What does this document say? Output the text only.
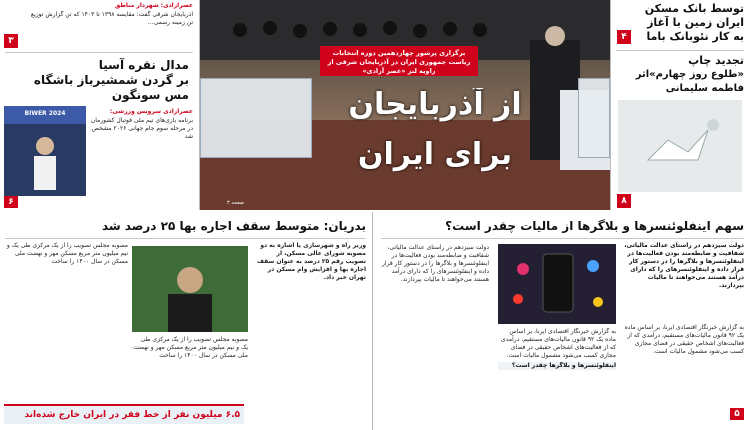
توسط بانک مسکن
ایران زمین با آغاز
به کار نئوبانک باما
۴
تجدید چاپ
«طلوع روز چهارم»اثر
فاطمه سلیمانی
۸
عصرآزادی: شهردار مناطق
آذربایجان شرقی گفت: مقایسه ۱۳۹۸ تا ۱۴۰۳ که تن گزارش توزیع تن زمینه رسمی...
۳
مدال نقره آسیا
بر گردن شمشیرباز باشگاه
مس سونگون
BIWER 2024	عصرآزادی سرویس ورزشی:
برنامه بازی‌های تیم ملی فوتبال کشورمان در مرحله سوم جام جهانی ۲۰۲۶ مشخص شد
۶
برگزاری پرشور چهاردهمین دوره انتخابات
ریاست جمهوری ایران در آذربایجان شرقی از زاویه لنز «عصر آزادی»
از آذربایجان
برای ایران
صفحه ۳
سهم اینفلوئنسرها و بلاگرها از مالیات چقدر است؟
دولت سیزدهم در راستای عدالت مالیاتی، شفافیت و ضابطه‌مند بودن فعالیت‌ها در اینفلوئنسرها و بلاگرها را در دستور کار قرار داده و اینفلوئنسرهای را که دارای درآمد هستند می‌خواهند تا مالیات بپردازند.
به گزارش خبرنگار اقتصادی ایرنا، بر اساس ماده یک ۹۲ قانون مالیات‌های مستقیم، درآمدی که از فعالیت‌های اشخاص حقیقی در فضای مجازی کسب می‌شود مشمول مالیات است.
به گزارش خبرنگار اقتصادی ایرنا، بر اساس ماده یک ۹۲ قانون مالیات‌های مستقیم، درآمدی که از فعالیت‌های اشخاص حقیقی در فضای مجازی کسب می‌شود مشمول مالیات است.
اینفلوئنسرها و بلاگرها چقدر است؟
دولت سیزدهم در راستای عدالت مالیاتی، شفافیت و ضابطه‌مند بودن فعالیت‌ها در اینفلوئنسرها و بلاگرها را در دستور کار قرار داده و اینفلوئنسرهای را که دارای درآمد هستند می‌خواهند تا مالیات بپردازند.
۵
بدریان: متوسط سقف اجاره بها ۲۵ درصد شد
وزیر راه و شهرسازی یا اشاره به دو مصوبه شورای عالی مسکن، از تصویب رقم ۲۵ درصد به عنوان سقف اجاره بها و افزایش وام مسکن در تهران خبر داد.
مصوبه مجلس تصویب را از یک مرکزی طی یک و نیم میلیون متر مربع مسکن مهر و نهضت ملی مسکن در سال ۱۴۰۰ را ساخت
مصوبه مجلس تصویب را از یک مرکزی طی یک و نیم میلیون متر مربع مسکن مهر و نهضت ملی مسکن در سال ۱۴۰۰ را ساخت
۶.۵ میلیون نفر از خط فقر در ایران خارج شده‌اند
